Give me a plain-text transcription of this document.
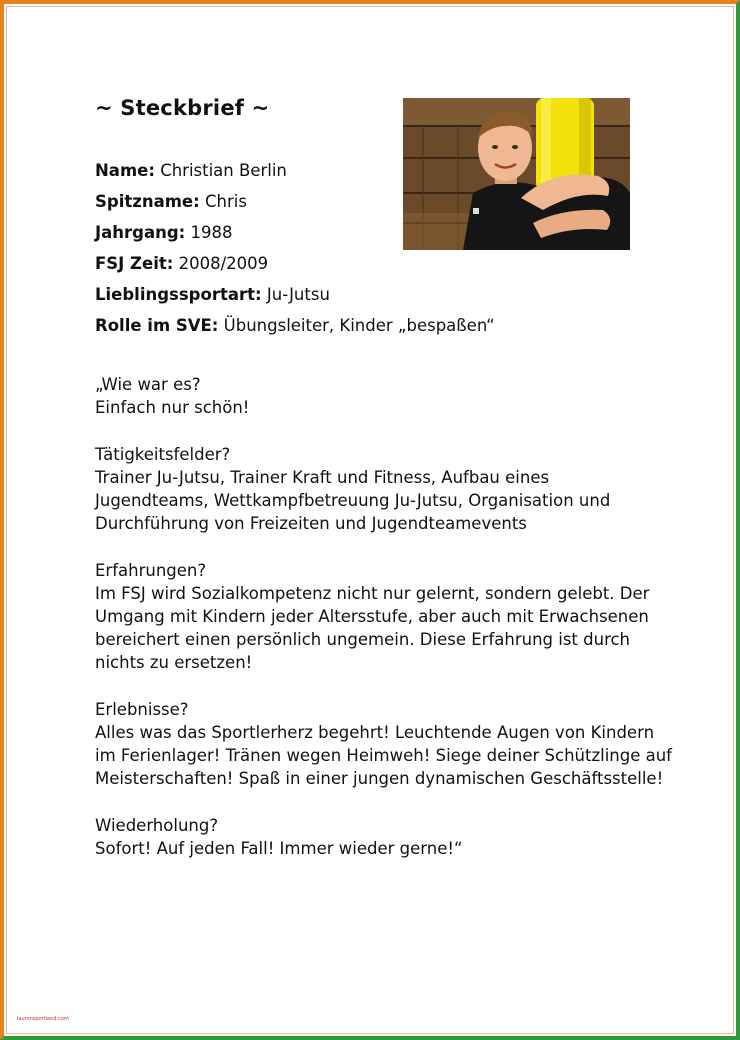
~ Steckbrief ~
Name: Christian Berlin
Spitzname: Chris
Jahrgang: 1988
FSJ Zeit: 2008/2009
Lieblingssportart: Ju-Jutsu
Rolle im SVE: Übungsleiter, Kinder „bespaßen“

„Wie war es?
Einfach nur schön!

Tätigkeitsfelder?
Trainer Ju-Jutsu, Trainer Kraft und Fitness, Aufbau eines
Jugendteams, Wettkampfbetreuung Ju-Jutsu, Organisation und
Durchführung von Freizeiten und Jugendteamevents

Erfahrungen?
Im FSJ wird Sozialkompetenz nicht nur gelernt, sondern gelebt. Der
Umgang mit Kindern jeder Altersstufe, aber auch mit Erwachsenen
bereichert einen persönlich ungemein. Diese Erfahrung ist durch
nichts zu ersetzen!

Erlebnisse?
Alles was das Sportlerherz begehrt! Leuchtende Augen von Kindern
im Ferienlager! Tränen wegen Heimweh! Siege deiner Schützlinge auf
Meisterschaften! Spaß in einer jungen dynamischen Geschäftsstelle!

Wiederholung?
Sofort! Auf jeden Fall! Immer wieder gerne!“

lauronsportland.com
